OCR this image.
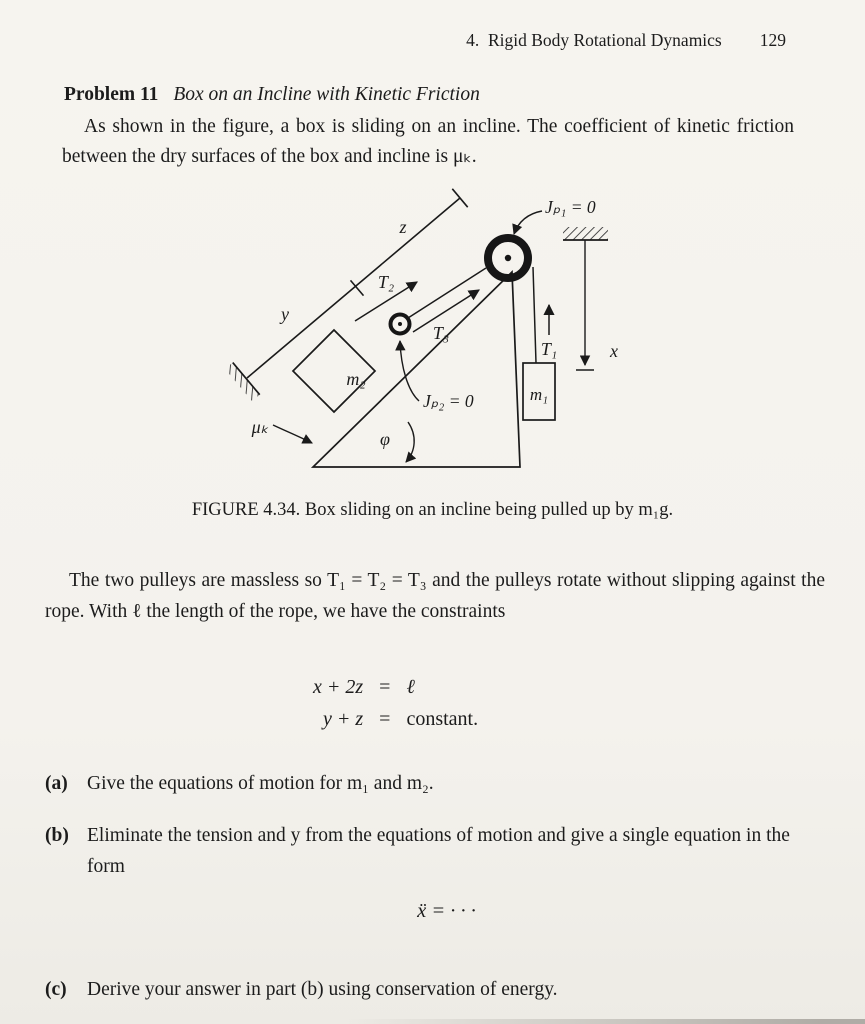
4.  Rigid Body Rotational Dynamics 129
Problem 11 Box on an Incline with Kinetic Friction

As shown in the figure, a box is sliding on an incline. The coefficient of kinetic friction between the dry surfaces of the box and incline is μₖ.

Jₚ₁ = 0
Jₚ₂ = 0
z
y
x
T₂
T₃
T₁
m₂
m₁
μₖ
φ
FIGURE 4.34. Box sliding on an incline being pulled up by m₁g.

The two pulleys are massless so T₁ = T₂ = T₃ and the pulleys rotate without slipping against the rope. With ℓ the length of the rope, we have the constraints

x + 2z = ℓ
y + z = constant.
(a) Give the equations of motion for m₁ and m₂.
(b) Eliminate the tension and y from the equations of motion and give a single equation in the form
ẍ = · · ·
(c)	Derive your answer in part (b) using conservation of energy.
